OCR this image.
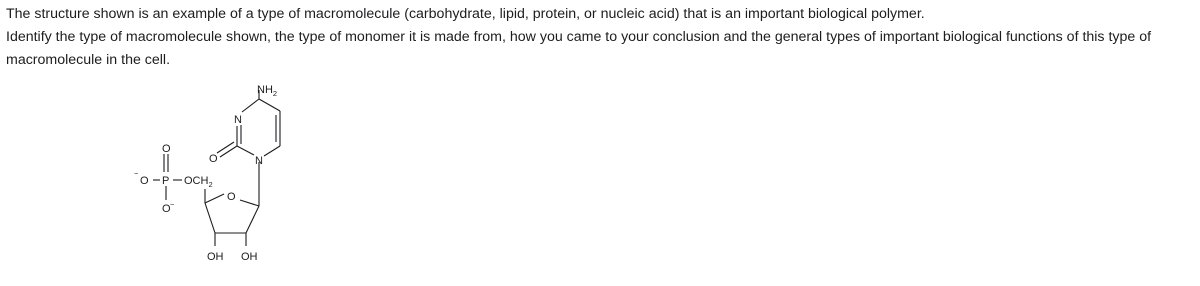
The structure shown is an example of a type of macromolecule (carbohydrate, lipid, protein, or nucleic acid) that is an important biological polymer.

Identify the type of macromolecule shown, the type of monomer it is made from, how you came to your conclusion and the general types of important biological functions of this type of macromolecule in the cell.

$NH_2$
N
N
O
O
−
O P $OCH_2$
O −
O
OH OH
